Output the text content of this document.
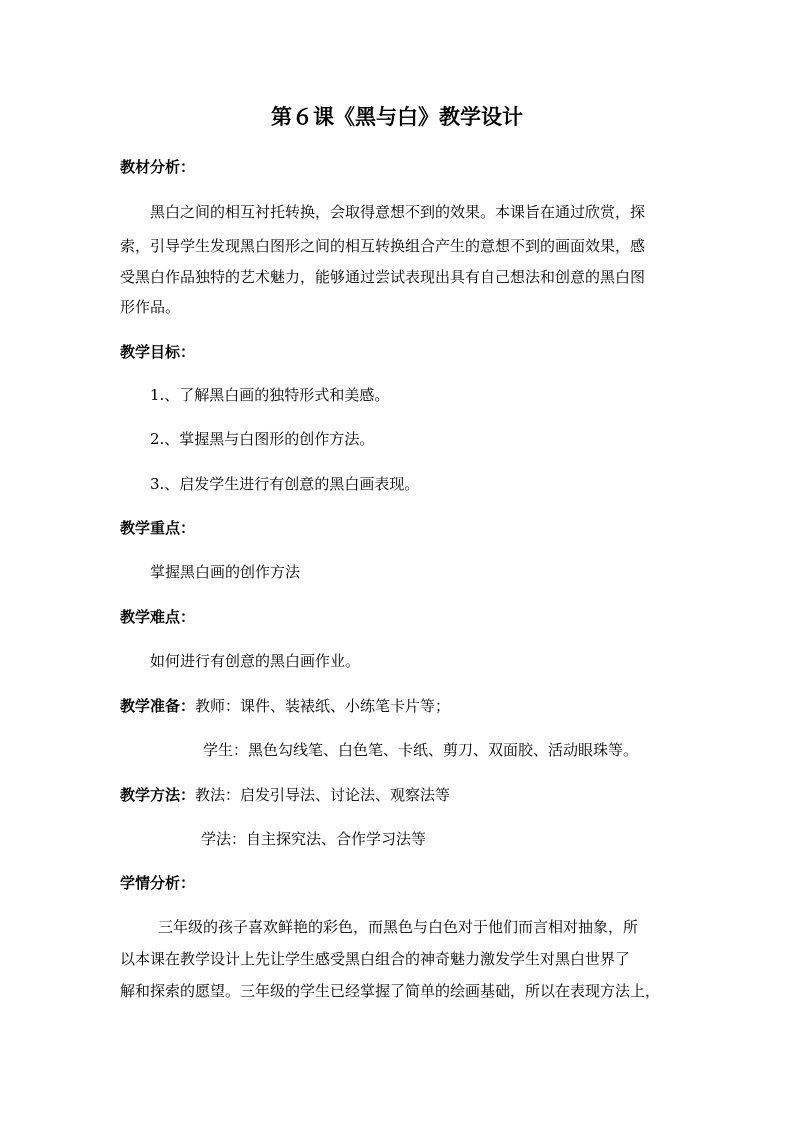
第６课《黑与白》教学设计
教材分析：
黑白之间的相互衬托转换，会取得意想不到的效果。本课旨在通过欣赏，探
索，引导学生发现黑白图形之间的相互转换组合产生的意想不到的画面效果，感
受黑白作品独特的艺术魅力，能够通过尝试表现出具有自己想法和创意的黑白图
形作品。
教学目标：
1.、了解黑白画的独特形式和美感。
2.、掌握黑与白图形的创作方法。
3.、启发学生进行有创意的黑白画表现。
教学重点：
掌握黑白画的创作方法
教学难点：
如何进行有创意的黑白画作业。
教学准备：教师：课件、装裱纸、小练笔卡片等；
学生：黑色勾线笔、白色笔、卡纸、剪刀、双面胶、活动眼珠等。
教学方法：教法：启发引导法、讨论法、观察法等
学法：自主探究法、合作学习法等
学情分析：
三年级的孩子喜欢鲜艳的彩色，而黑色与白色对于他们而言相对抽象，所
以本课在教学设计上先让学生感受黑白组合的神奇魅力激发学生对黑白世界了
解和探索的愿望。三年级的学生已经掌握了简单的绘画基础，所以在表现方法上，
